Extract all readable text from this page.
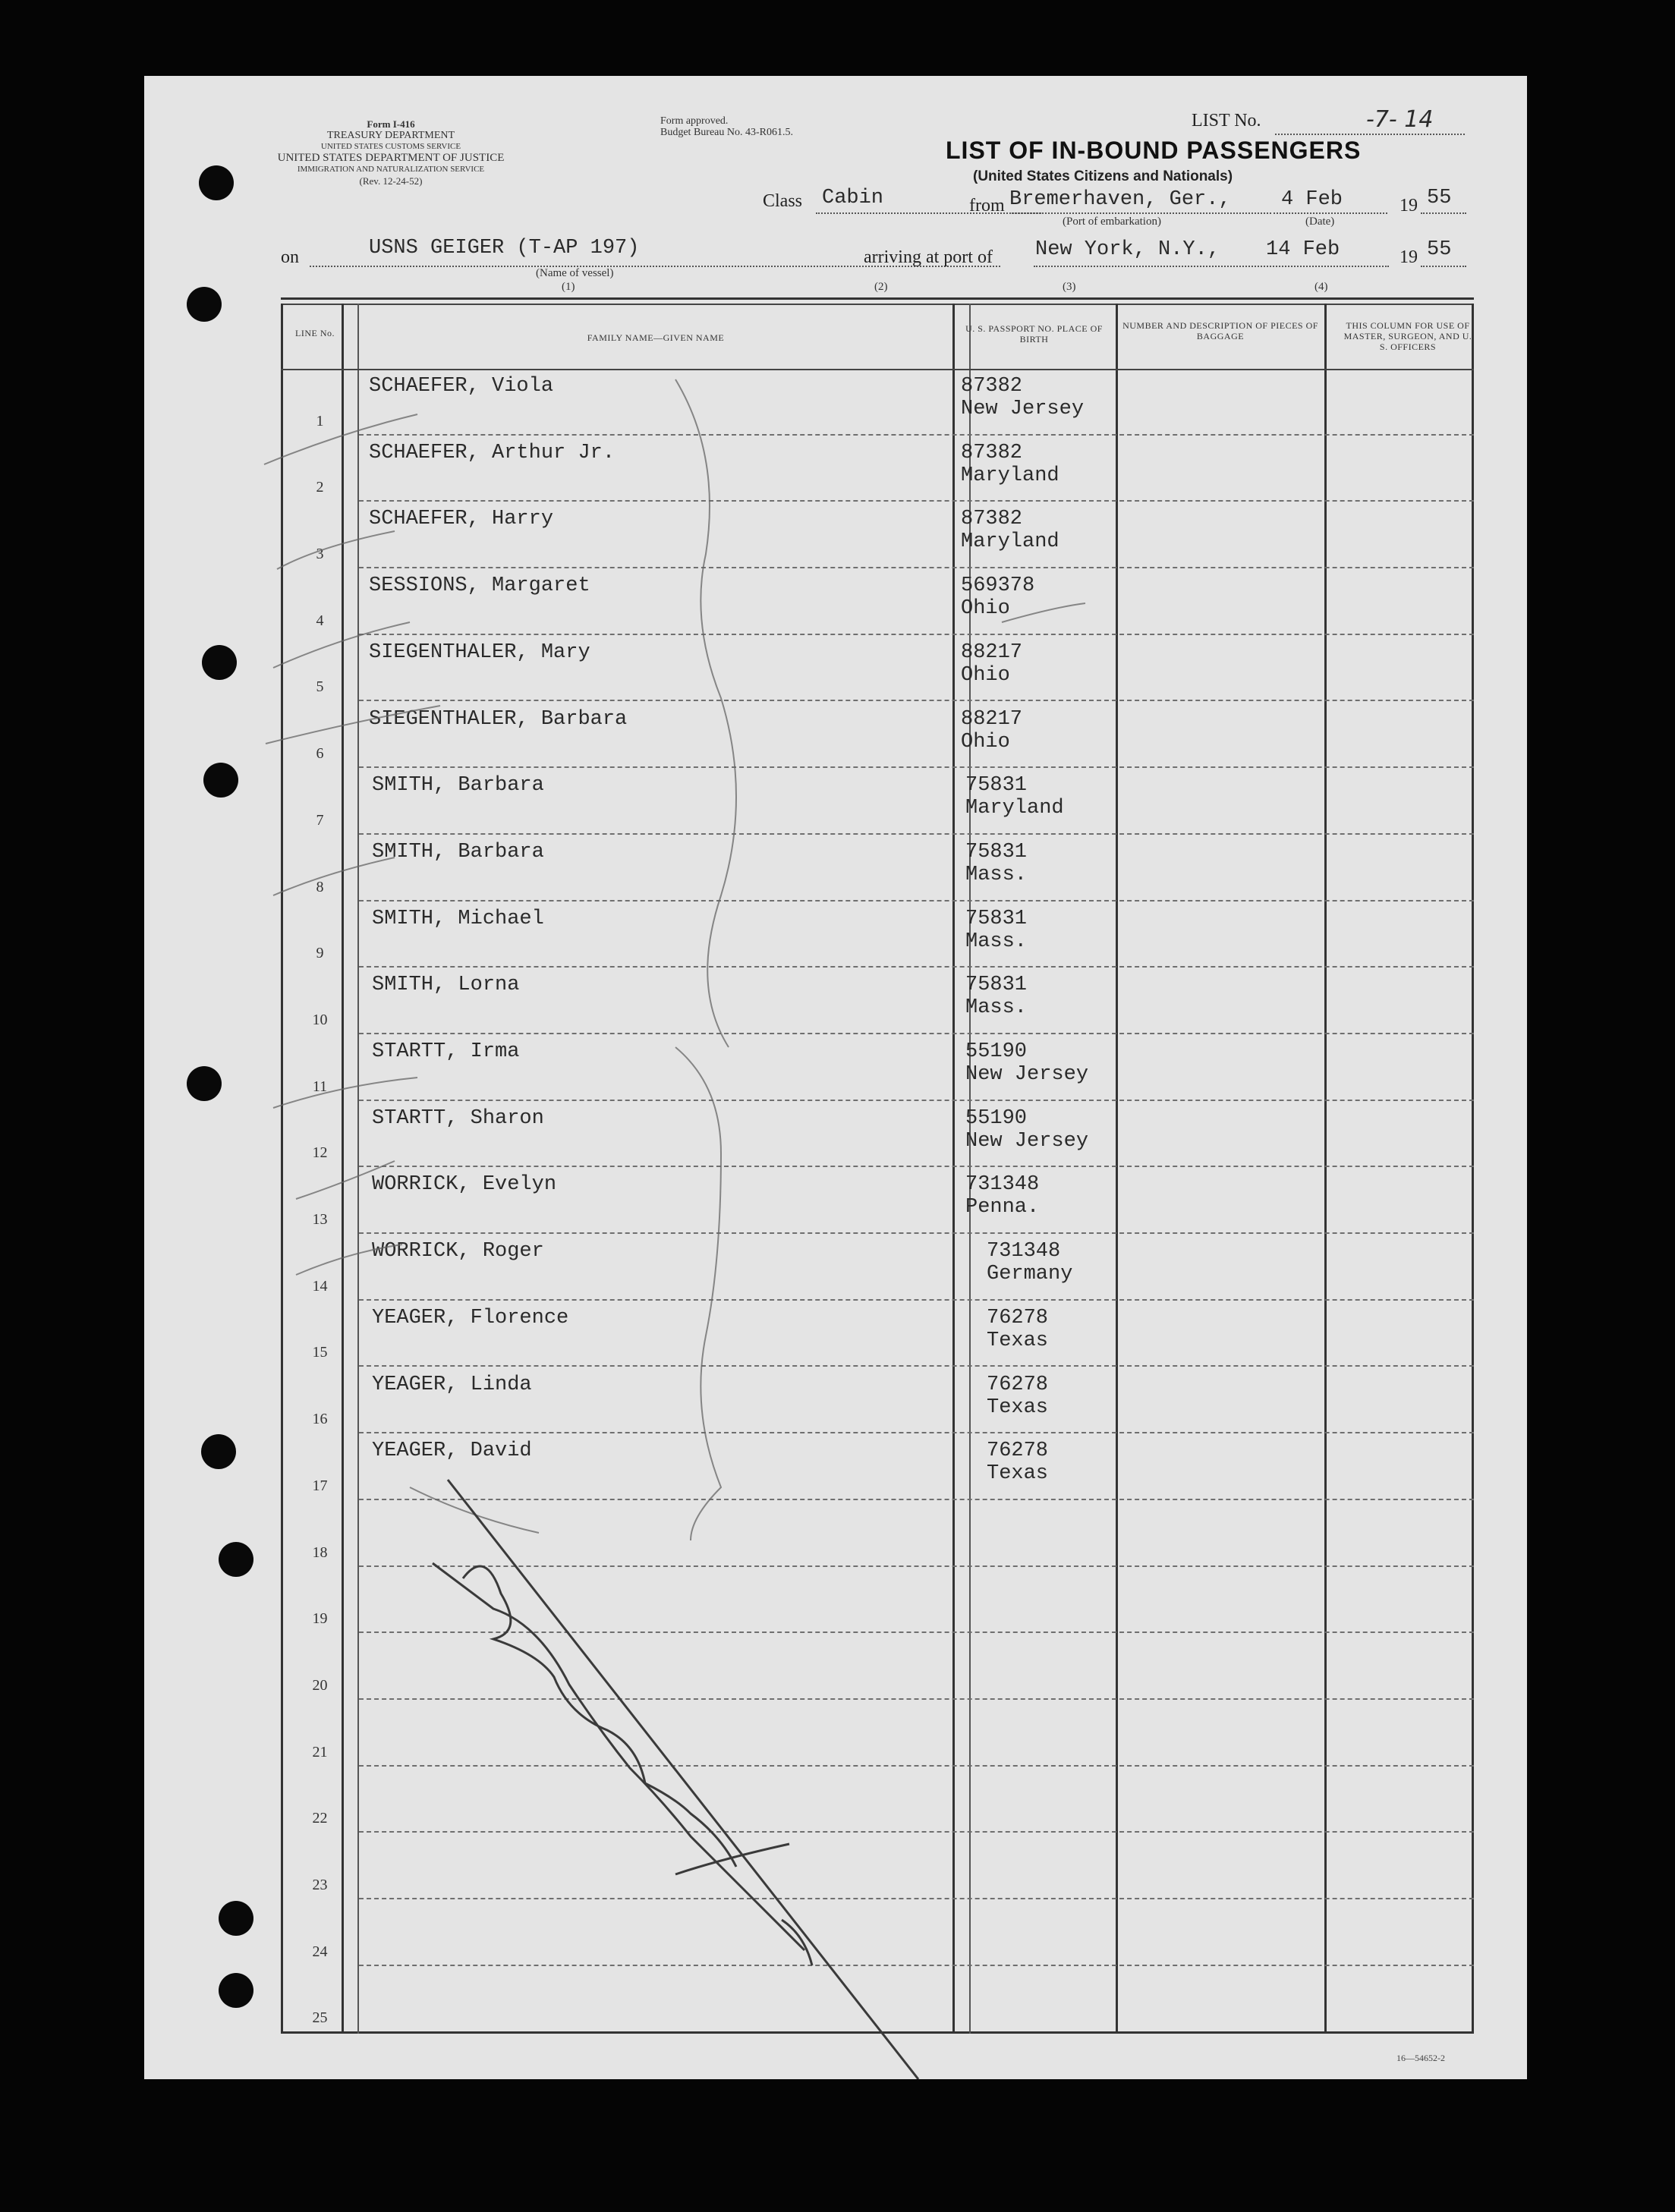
Form I-416
TREASURY DEPARTMENT
UNITED STATES CUSTOMS SERVICE
UNITED STATES DEPARTMENT OF JUSTICE
IMMIGRATION AND NATURALIZATION SERVICE
(Rev. 12-24-52)
Form approved.
Budget Bureau No. 43-R061.5.
LIST No.	-7- 14
LIST OF IN-BOUND PASSENGERS
(United States Citizens and Nationals)
Class Cabin	from Bremerhaven, Ger.,
(Port of embarkation)
4 Feb
(Date)
19 55
on	USNS GEIGER (T-AP 197)
(Name of vessel)
(1)
arriving at port of New York, N.Y., 14 Feb	19 55
(2)	(3)	(4)
LINE No.	FAMILY NAME—GIVEN NAME
U. S. PASSPORT NO. PLACE OF BIRTH
NUMBER AND DESCRIPTION OF PIECES OF BAGGAGE
THIS COLUMN FOR USE OF MASTER, SURGEON, AND U. S. OFFICERS
1
SCHAEFER, Viola	87382
New Jersey
2
SCHAEFER, Arthur Jr.	87382
Maryland
3
SCHAEFER, Harry	87382
Maryland
4
SESSIONS, Margaret	569378
Ohio
5
SIEGENTHALER, Mary	88217
Ohio
6
SIEGENTHALER, Barbara	88217
Ohio
7
SMITH, Barbara	75831
Maryland
8
SMITH, Barbara	75831
Mass.
9
SMITH, Michael	75831
Mass.
10
SMITH, Lorna	75831
Mass.
11
STARTT, Irma	55190
New Jersey
12
STARTT, Sharon	55190
New Jersey
13
WORRICK, Evelyn	731348
Penna.
14
WORRICK, Roger	731348
Germany
15
YEAGER, Florence	76278
Texas
16
YEAGER, Linda	76278
Texas
17
YEAGER, David	76278
Texas
18
19
20
21
22
23
24
25
16—54652-2
